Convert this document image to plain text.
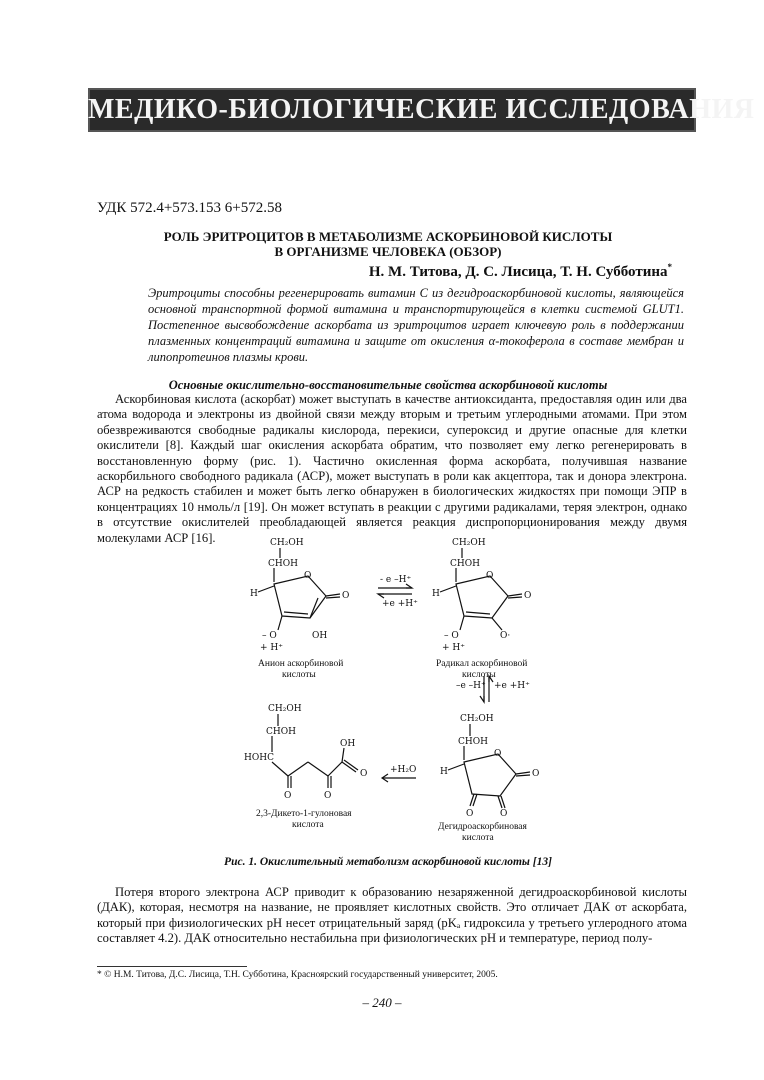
МЕДИКО-БИОЛОГИЧЕСКИЕ ИССЛЕДОВАНИЯ
УДК 572.4+573.153 6+572.58
РОЛЬ ЭРИТРОЦИТОВ В МЕТАБОЛИЗМЕ АСКОРБИНОВОЙ КИСЛОТЫ
В ОРГАНИЗМЕ ЧЕЛОВЕКА (ОБЗОР)
Н. М. Титова, Д. С. Лисица, Т. Н. Субботина*
Эритроциты способны регенерировать витамин С из дегидроаскорбиновой кислоты, являющейся основной транспортной формой витамина и транспортирующейся в клетки системой GLUT1. Постепенное высвобождение аскорбата из эритроцитов играет ключевую роль в поддержании плазменных концентраций витамина и защите от окисления α-токоферола в составе мембран и липопротеинов плазмы крови.
Основные окислительно-восстановительные свойства аскорбиновой кислоты
Аскорбиновая кислота (аскорбат) может выступать в качестве антиоксиданта, предоставляя один или два атома водорода и электроны из двойной связи между вторым и третьим углеродными атомами. При этом обезвреживаются свободные радикалы кислорода, перекиси, супероксид и другие опасные для клетки окислители [8]. Каждый шаг окисления аскорбата обратим, что позволяет ему легко регенерировать в восстановленную форму (рис. 1). Частично окисленная форма аскорбата, получившая название аскорбильного свободного радикала (АСР), может выступать в роли как акцептора, так и донора электрона. АСР на редкость стабилен и может быть легко обнаружен в биологических жидкостях при помощи ЭПР в концентрациях 10 нмоль/л [19]. Он может вступать в реакции с другими радикалами, теряя электрон, однако в отсутствие окислителей преобладающей является реакция диспропорционирования между двумя молекулами АСР [16].	CH₂OH
CHOH
H
O
O
– O	OH
+ H⁺
Анион аскорбиновой
кислоты
- e –H⁺
+e +H⁺
CH₂OH
CHOH
H
O
O
– O	O·
+ H⁺
Радикал аскорбиновой
кислоты
–e –H⁺ +e +H⁺
CH₂OH
CHOH
HOHC
OH
O
O	O
2,3-Дикето-1-гулоновая
кислота
+H₂O
CH₂OH
CHOH
H
O
O
O	O
Дегидроаскорбиновая
кислота
Рис. 1. Окислительный метаболизм аскорбиновой кислоты [13]
Потеря второго электрона АСР приводит к образованию незаряженной дегидроаскорбиновой кислоты (ДАК), которая, несмотря на название, не проявляет кислотных свойств. Это отличает ДАК от аскорбата, который при физиологических рН несет отрицательный заряд (pKₐ гидроксила у третьего углеродного атома составляет 4.2). ДАК относительно нестабильна при физиологических рН и температуре, период полу-
* © Н.М. Титова, Д.С. Лисица, Т.Н. Субботина, Красноярский государственный университет, 2005.
– 240 –
